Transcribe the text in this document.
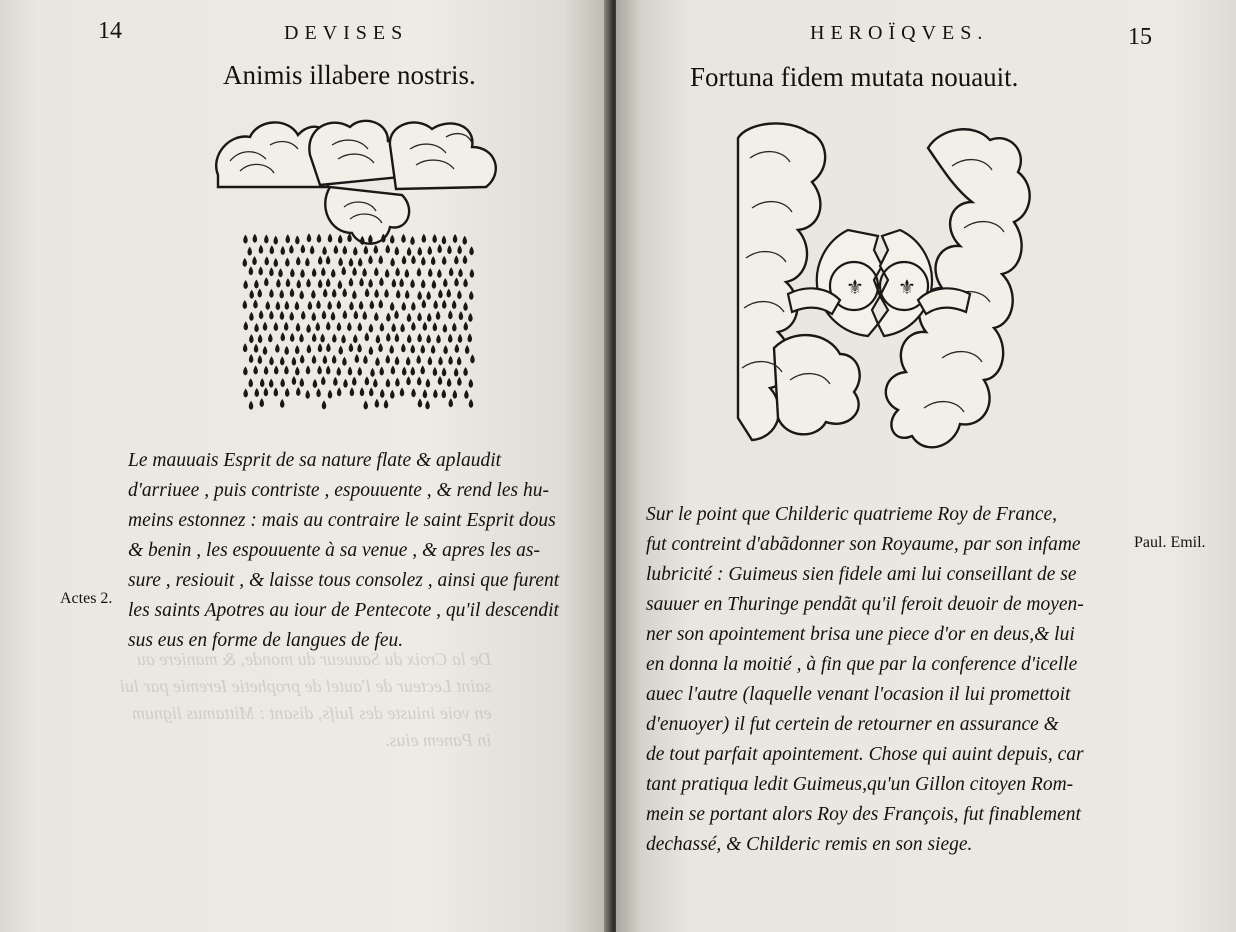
14	DEVISES
Animis illabere nostris.
Le mauuais Esprit de sa nature flate & aplaudit
d'arriuee , puis contriste , espouuente , & rend les hu-
meins estonnez : mais au contraire le saint Esprit dous
& benin , les espouuente à sa venue , & apres les as-
sure , resiouit , & laisse tous consolez , ainsi que furent
les saints Apotres au iour de Pentecote , qu'il descendit
sus eus en forme de langues de feu.
Actes 2.
De la Croix du Sauueur du monde, & maniere au
saint Lecteur de l'autel de prophetie Ieremie par lui
en voie iniuste des Iuifs, disant : Mittamus lignum
in Panem eius.
HEROÏQVES.	15
Fortuna fidem mutata nouauit.
⚜ ⚜
Sur le point que Childeric quatrieme Roy de France,
fut contreint d'abãdonner son Royaume, par son infame
lubricité : Guimeus sien fidele ami lui conseillant de se
sauuer en Thuringe pendãt qu'il feroit deuoir de moyen-
ner son apointement brisa une piece d'or en deus,& lui
en donna la moitié , à fin que par la conference d'icelle
auec l'autre (laquelle venant l'ocasion il lui promettoit
d'enuoyer) il fut certein de retourner en assurance &
de tout parfait apointement. Chose qui auint depuis, car
tant pratiqua ledit Guimeus,qu'un Gillon citoyen Rom-
mein se portant alors Roy des François, fut finablement
dechassé, & Childeric remis en son siege.
Paul. Emil.
